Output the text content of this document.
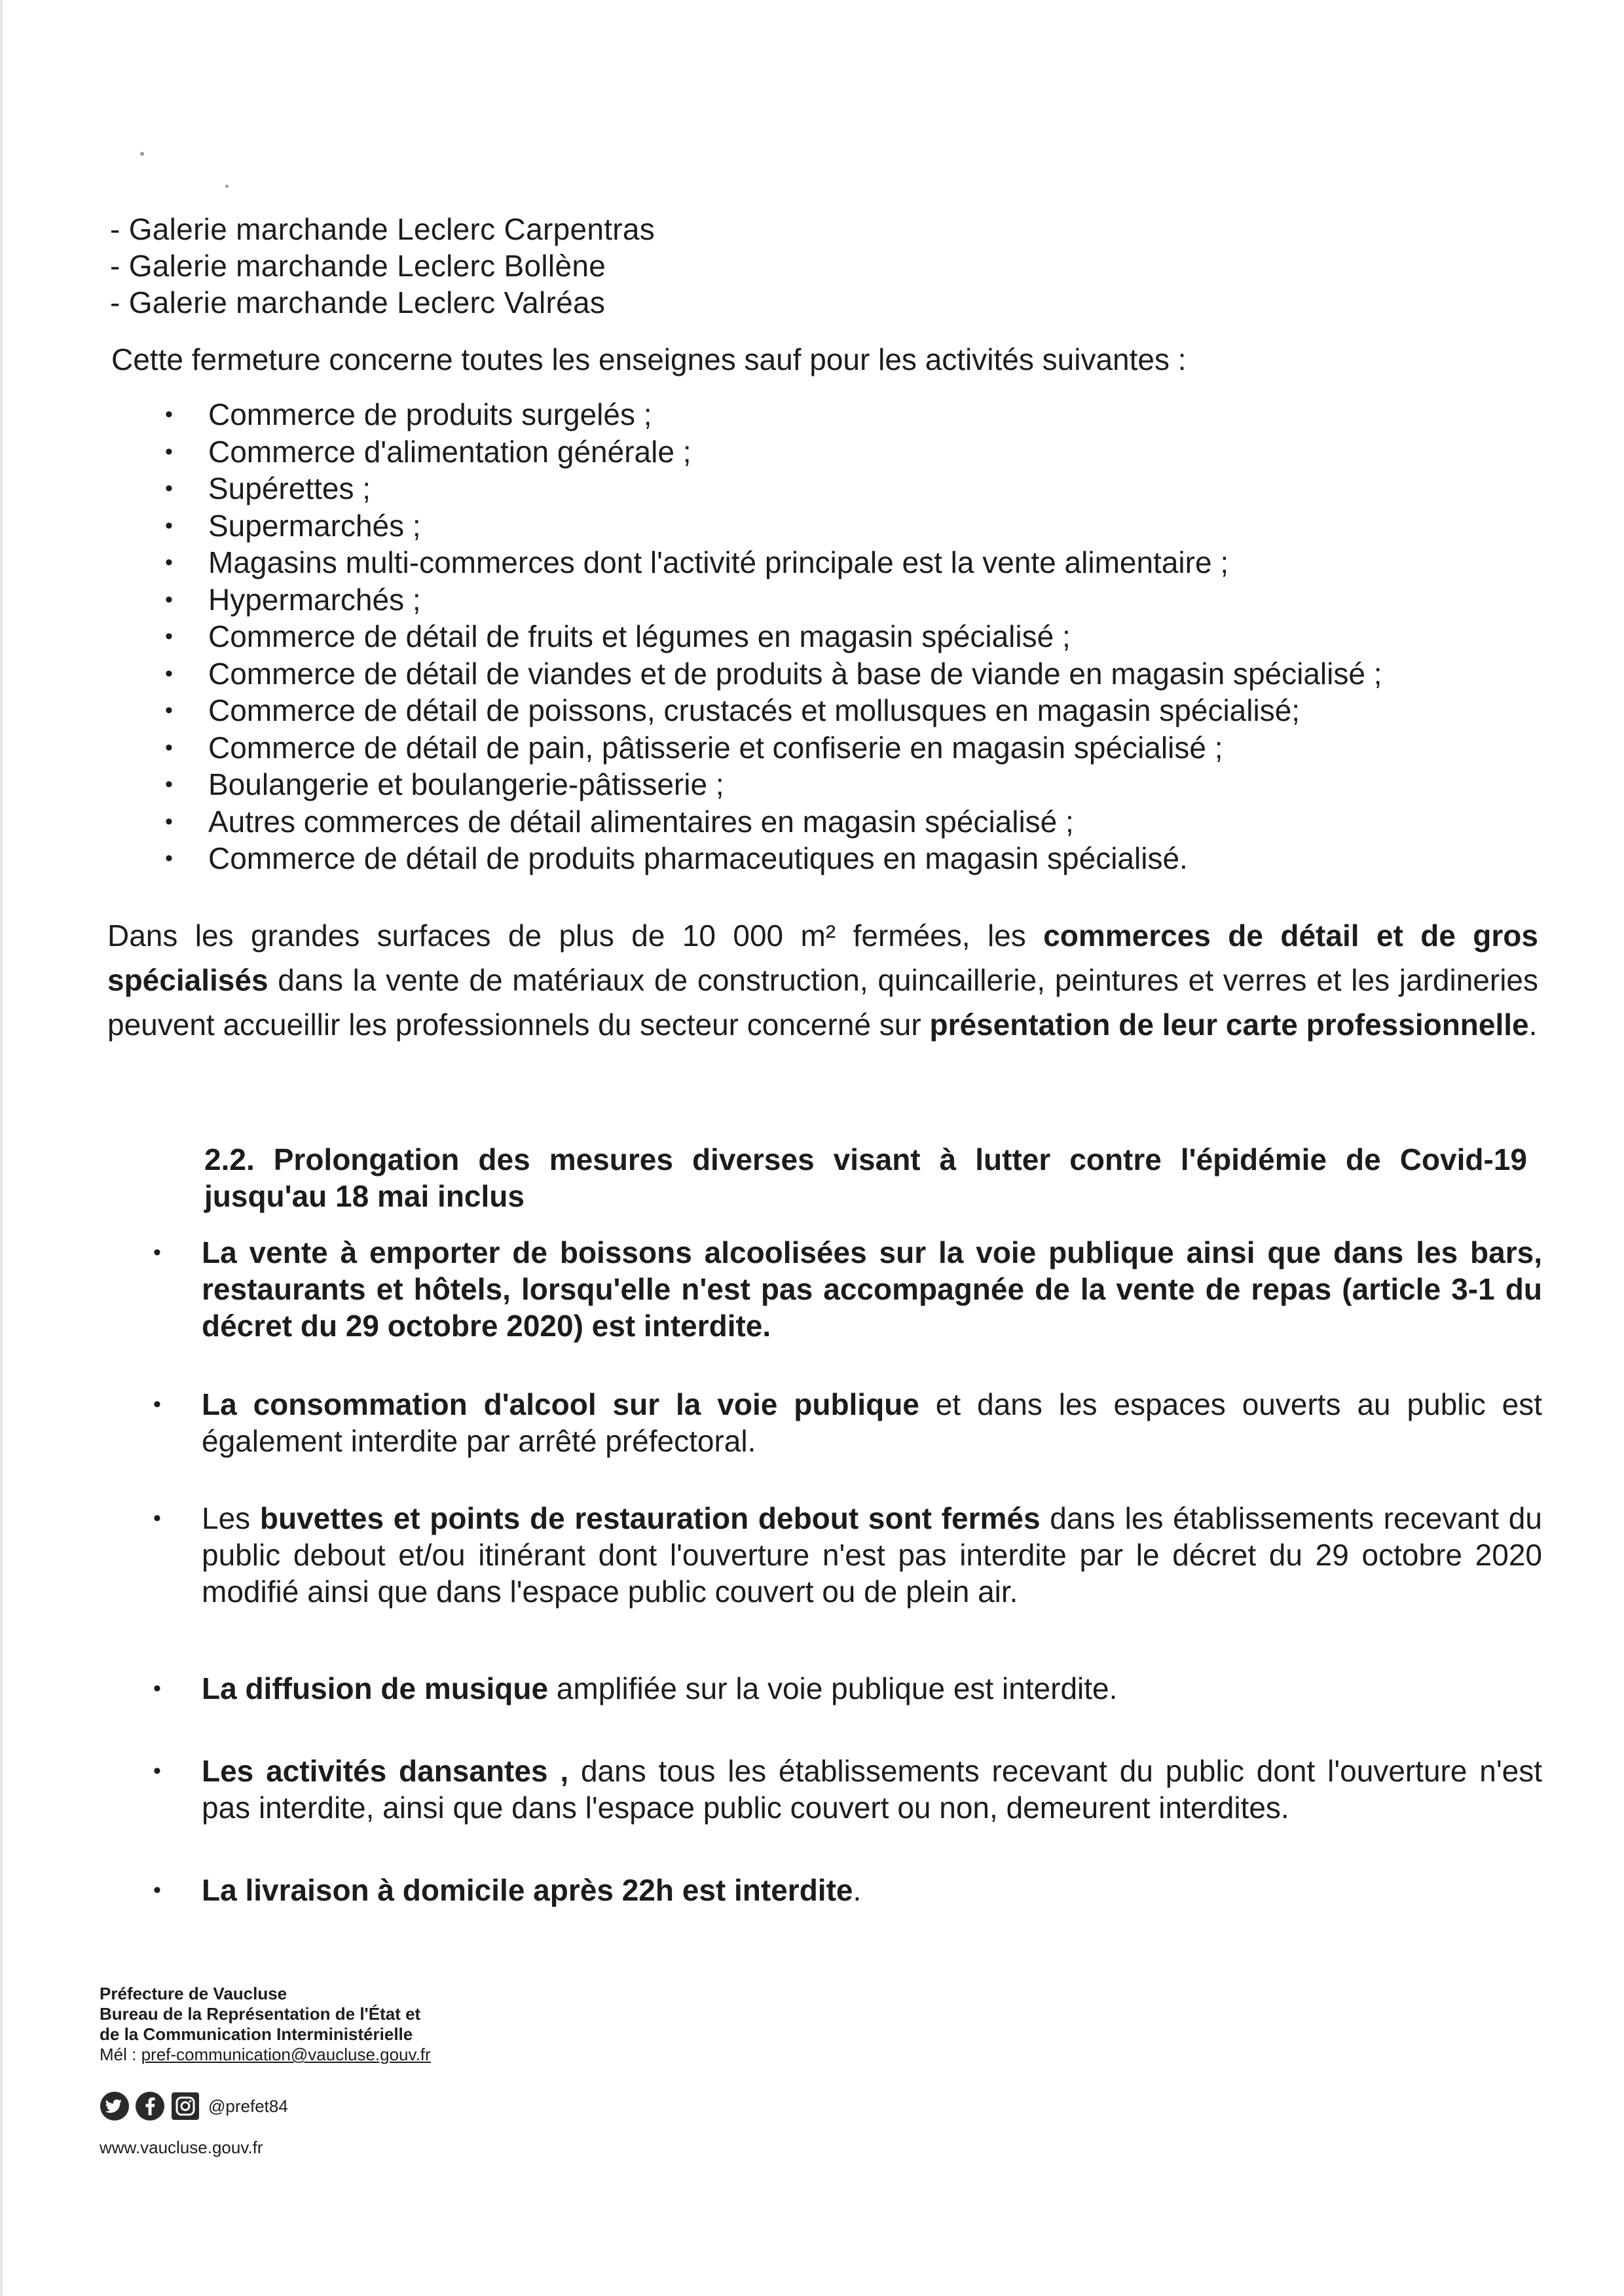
- Galerie marchande Leclerc Carpentras
- Galerie marchande Leclerc Bollène
- Galerie marchande Leclerc Valréas

Cette fermeture concerne toutes les enseignes sauf pour les activités suivantes :

• Commerce de produits surgelés ;
• Commerce d'alimentation générale ;
• Supérettes ;
• Supermarchés ;
• Magasins multi-commerces dont l'activité principale est la vente alimentaire ;
• Hypermarchés ;
• Commerce de détail de fruits et légumes en magasin spécialisé ;
• Commerce de détail de viandes et de produits à base de viande en magasin spécialisé ;
• Commerce de détail de poissons, crustacés et mollusques en magasin spécialisé;
• Commerce de détail de pain, pâtisserie et confiserie en magasin spécialisé ;
• Boulangerie et boulangerie-pâtisserie ;
• Autres commerces de détail alimentaires en magasin spécialisé ;
• Commerce de détail de produits pharmaceutiques en magasin spécialisé.

Dans les grandes surfaces de plus de 10 000 m² fermées, les commerces de détail et de gros spécialisés dans la vente de matériaux de construction, quincaillerie, peintures et verres et les jardineries peuvent accueillir les professionnels du secteur concerné sur présentation de leur carte professionnelle.

2.2. Prolongation des mesures diverses visant à lutter contre l'épidémie de Covid-19 jusqu'au 18 mai inclus

• La vente à emporter de boissons alcoolisées sur la voie publique ainsi que dans les bars, restaurants et hôtels, lorsqu'elle n'est pas accompagnée de la vente de repas (article 3-1 du décret du 29 octobre 2020) est interdite.
• La consommation d'alcool sur la voie publique et dans les espaces ouverts au public est également interdite par arrêté préfectoral.
• Les buvettes et points de restauration debout sont fermés dans les établissements recevant du public debout et/ou itinérant dont l'ouverture n'est pas interdite par le décret du 29 octobre 2020 modifié ainsi que dans l'espace public couvert ou de plein air.
• La diffusion de musique amplifiée sur la voie publique est interdite.
• Les activités dansantes , dans tous les établissements recevant du public dont l'ouverture n'est pas interdite, ainsi que dans l'espace public couvert ou non, demeurent interdites.
• La livraison à domicile après 22h est interdite.
Préfecture de Vaucluse
Bureau de la Représentation de l'État et
de la Communication Interministérielle
Mél : pref-communication@vaucluse.gouv.fr
@prefet84
www.vaucluse.gouv.fr
